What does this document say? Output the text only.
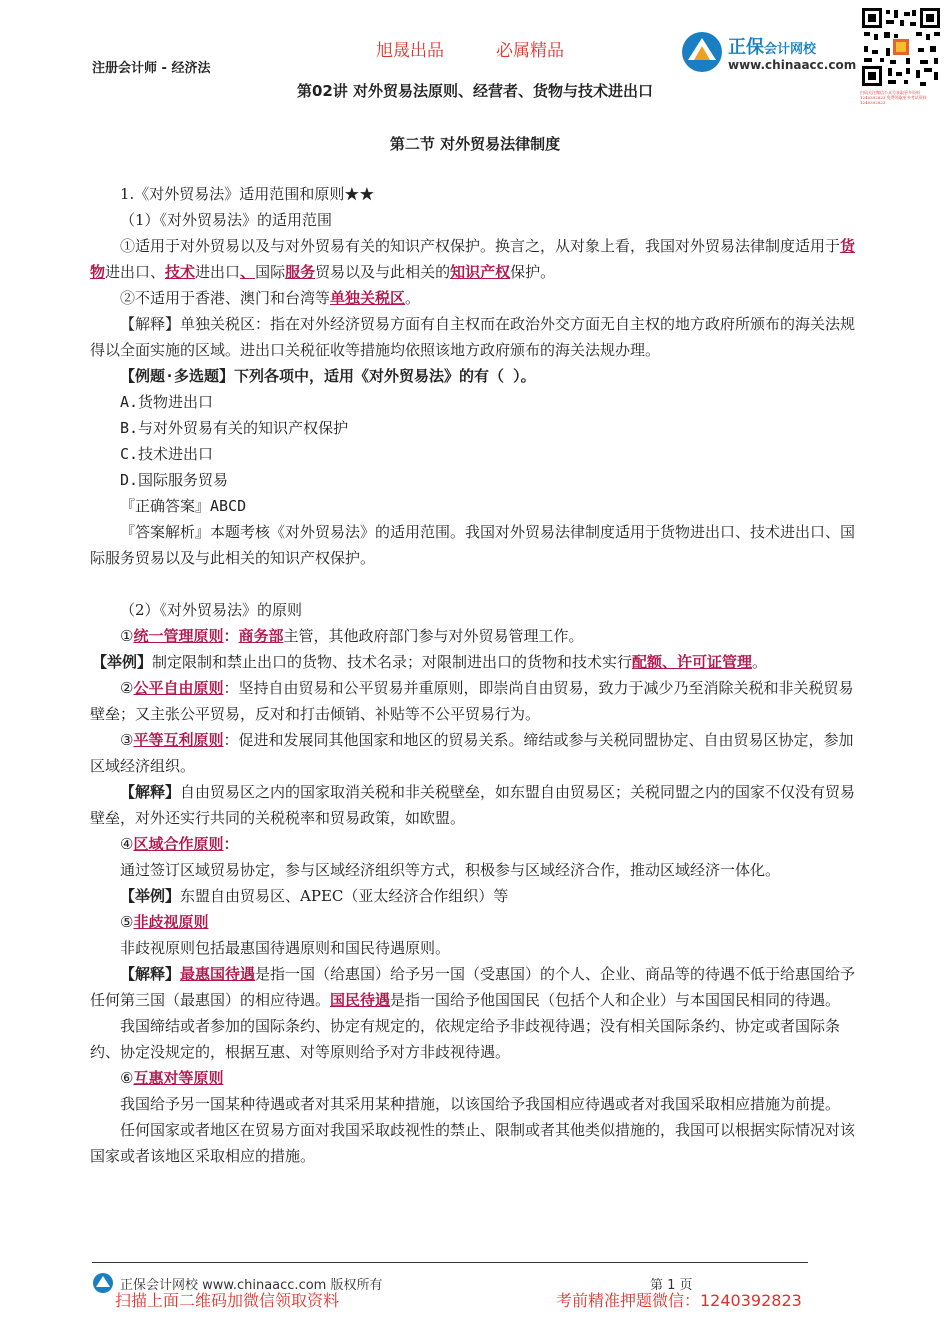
旭晟出品	必属精品
注册会计师 - 经济法
正保会计网校
www.chinaacc.com
扫码关注微信公众号获取更多资料 1240392823 免费领取更多考试资料 1240392823
第02讲 对外贸易法原则、经营者、货物与技术进出口
第二节 对外贸易法律制度

1.《对外贸易法》适用范围和原则★★

（1）《对外贸易法》的适用范围

①适用于对外贸易以及与对外贸易有关的知识产权保护。换言之，从对象上看，我国对外贸易法律制度适用于货物进出口、技术进出口、国际服务贸易以及与此相关的知识产权保护。

②不适用于香港、澳门和台湾等单独关税区。

【解释】单独关税区：指在对外经济贸易方面有自主权而在政治外交方面无自主权的地方政府所颁布的海关法规得以全面实施的区域。进出口关税征收等措施均依照该地方政府颁布的海关法规办理。

【例题·多选题】下列各项中，适用《对外贸易法》的有（ ）。

A.货物进出口

B.与对外贸易有关的知识产权保护

C.技术进出口

D.国际服务贸易

『正确答案』ABCD

『答案解析』本题考核《对外贸易法》的适用范围。我国对外贸易法律制度适用于货物进出口、技术进出口、国际服务贸易以及与此相关的知识产权保护。

（2）《对外贸易法》的原则

①统一管理原则：商务部主管，其他政府部门参与对外贸易管理工作。

【举例】制定限制和禁止出口的货物、技术名录；对限制进出口的货物和技术实行配额、许可证管理。

②公平自由原则：坚持自由贸易和公平贸易并重原则，即崇尚自由贸易，致力于减少乃至消除关税和非关税贸易壁垒；又主张公平贸易，反对和打击倾销、补贴等不公平贸易行为。

③平等互利原则：促进和发展同其他国家和地区的贸易关系。缔结或参与关税同盟协定、自由贸易区协定，参加区域经济组织。

【解释】自由贸易区之内的国家取消关税和非关税壁垒，如东盟自由贸易区；关税同盟之内的国家不仅没有贸易壁垒，对外还实行共同的关税税率和贸易政策，如欧盟。

④区域合作原则：

通过签订区域贸易协定，参与区域经济组织等方式，积极参与区域经济合作，推动区域经济一体化。

【举例】东盟自由贸易区、APEC（亚太经济合作组织）等

⑤非歧视原则

非歧视原则包括最惠国待遇原则和国民待遇原则。

【解释】最惠国待遇是指一国（给惠国）给予另一国（受惠国）的个人、企业、商品等的待遇不低于给惠国给予任何第三国（最惠国）的相应待遇。国民待遇是指一国给予他国国民（包括个人和企业）与本国国民相同的待遇。

我国缔结或者参加的国际条约、协定有规定的，依规定给予非歧视待遇；没有相关国际条约、协定或者国际条约、协定没规定的，根据互惠、对等原则给予对方非歧视待遇。

⑥互惠对等原则

我国给予另一国某种待遇或者对其采用某种措施，以该国给予我国相应待遇或者对我国采取相应措施为前提。

任何国家或者地区在贸易方面对我国采取歧视性的禁止、限制或者其他类似措施的，我国可以根据实际情况对该国家或者该地区采取相应的措施。

正保会计网校 www.chinaacc.com 版权所有	第 1 页
扫描上面二维码加微信领取资料	考前精准押题微信：1240392823
